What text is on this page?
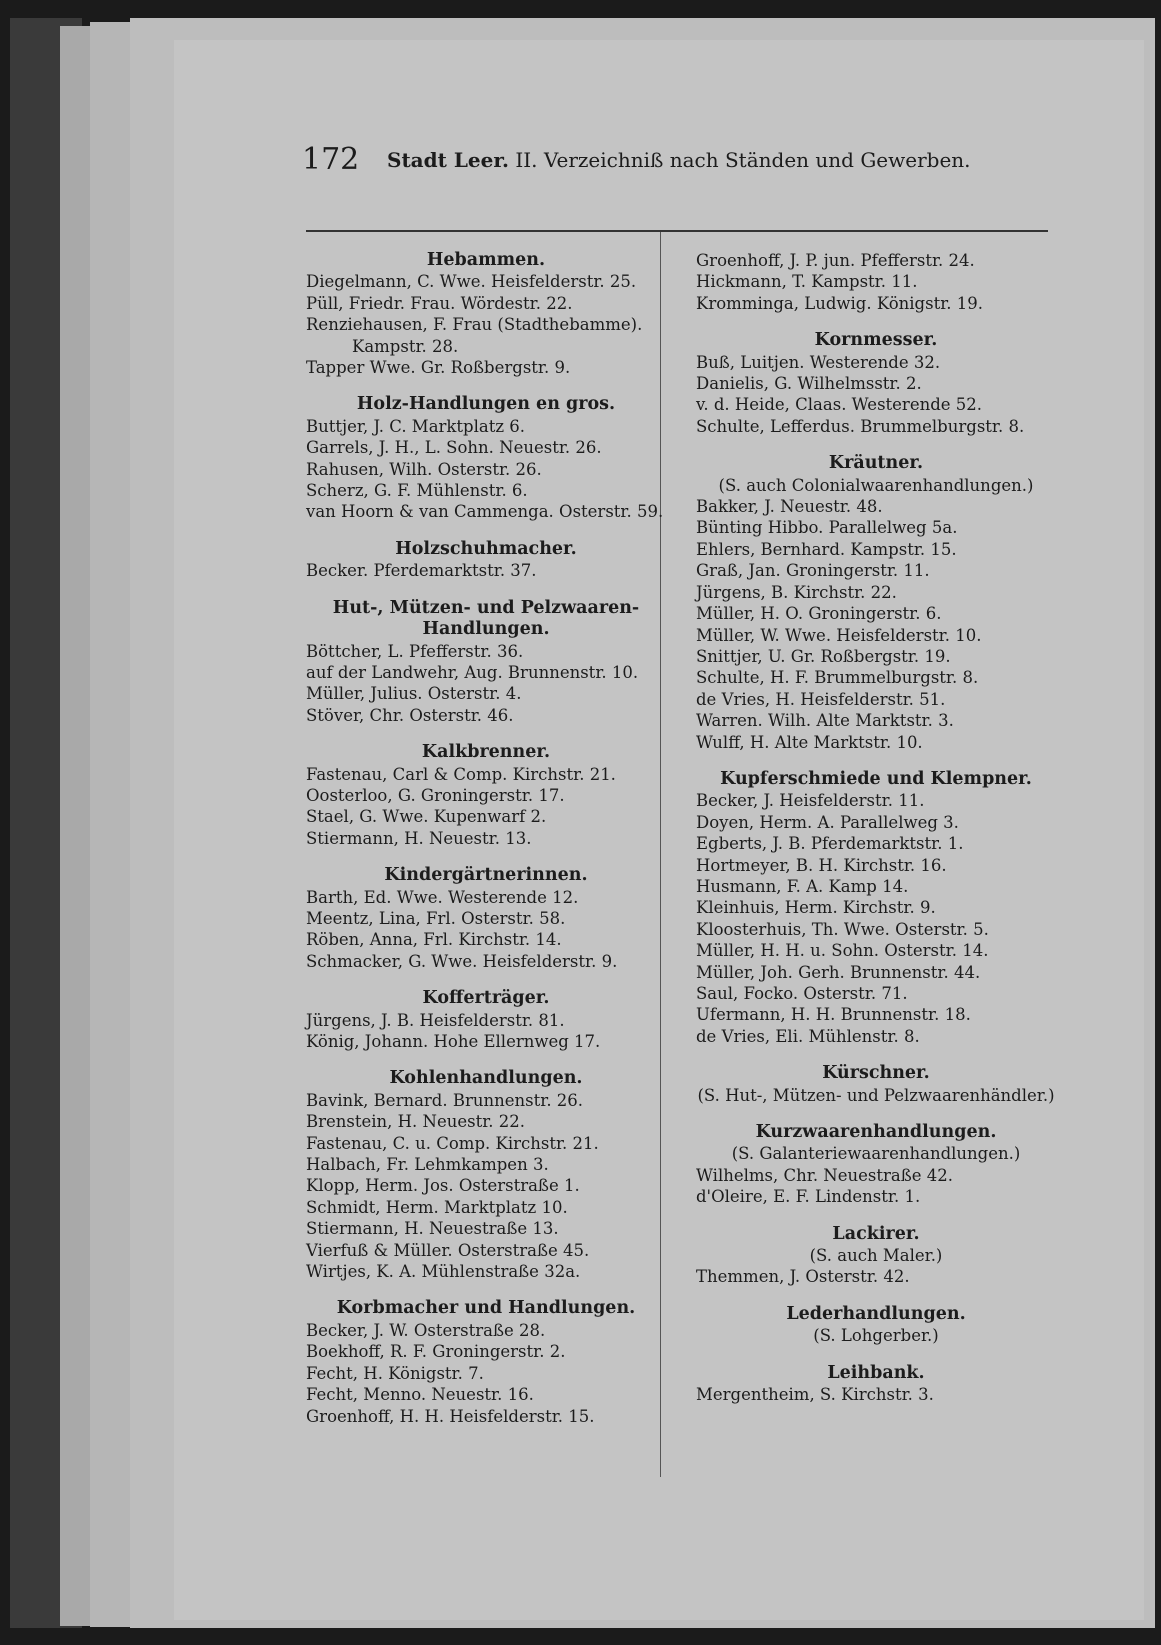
172 Stadt Leer. II. Verzeichniß nach Ständen und Gewerben.
Hebammen.
Diegelmann, C. Wwe. Heisfelderstr. 25.
Püll, Friedr. Frau. Wördestr. 22.
Renziehausen, F. Frau (Stadthebamme).
Kampstr. 28.
Tapper Wwe. Gr. Roßbergstr. 9.
Holz-Handlungen en gros.
Buttjer, J. C. Marktplatz 6.
Garrels, J. H., L. Sohn. Neuestr. 26.
Rahusen, Wilh. Osterstr. 26.
Scherz, G. F. Mühlenstr. 6.
van Hoorn & van Cammenga. Osterstr. 59.
Holzschuhmacher.
Becker. Pferdemarktstr. 37.
Hut-, Mützen- und Pelzwaaren-
Handlungen.
Böttcher, L. Pfefferstr. 36.
auf der Landwehr, Aug. Brunnenstr. 10.
Müller, Julius. Osterstr. 4.
Stöver, Chr. Osterstr. 46.
Kalkbrenner.
Fastenau, Carl & Comp. Kirchstr. 21.
Oosterloo, G. Groningerstr. 17.
Stael, G. Wwe. Kupenwarf 2.
Stiermann, H. Neuestr. 13.
Kindergärtnerinnen.
Barth, Ed. Wwe. Westerende 12.
Meentz, Lina, Frl. Osterstr. 58.
Röben, Anna, Frl. Kirchstr. 14.
Schmacker, G. Wwe. Heisfelderstr. 9.
Kofferträger.
Jürgens, J. B. Heisfelderstr. 81.
König, Johann. Hohe Ellernweg 17.
Kohlenhandlungen.
Bavink, Bernard. Brunnenstr. 26.
Brenstein, H. Neuestr. 22.
Fastenau, C. u. Comp. Kirchstr. 21.
Halbach, Fr. Lehmkampen 3.
Klopp, Herm. Jos. Osterstraße 1.
Schmidt, Herm. Marktplatz 10.
Stiermann, H. Neuestraße 13.
Vierfuß & Müller. Osterstraße 45.
Wirtjes, K. A. Mühlenstraße 32a.
Korbmacher und Handlungen.
Becker, J. W. Osterstraße 28.
Boekhoff, R. F. Groningerstr. 2.
Fecht, H. Königstr. 7.
Fecht, Menno. Neuestr. 16.
Groenhoff, H. H. Heisfelderstr. 15.
Groenhoff, J. P. jun. Pfefferstr. 24.
Hickmann, T. Kampstr. 11.
Kromminga, Ludwig. Königstr. 19.
Kornmesser.
Buß, Luitjen. Westerende 32.
Danielis, G. Wilhelmsstr. 2.
v. d. Heide, Claas. Westerende 52.
Schulte, Lefferdus. Brummelburgstr. 8.
Kräutner.
(S. auch Colonialwaarenhandlungen.)
Bakker, J. Neuestr. 48.
Bünting Hibbo. Parallelweg 5a.
Ehlers, Bernhard. Kampstr. 15.
Graß, Jan. Groningerstr. 11.
Jürgens, B. Kirchstr. 22.
Müller, H. O. Groningerstr. 6.
Müller, W. Wwe. Heisfelderstr. 10.
Snittjer, U. Gr. Roßbergstr. 19.
Schulte, H. F. Brummelburgstr. 8.
de Vries, H. Heisfelderstr. 51.
Warren. Wilh. Alte Marktstr. 3.
Wulff, H. Alte Marktstr. 10.
Kupferschmiede und Klempner.
Becker, J. Heisfelderstr. 11.
Doyen, Herm. A. Parallelweg 3.
Egberts, J. B. Pferdemarktstr. 1.
Hortmeyer, B. H. Kirchstr. 16.
Husmann, F. A. Kamp 14.
Kleinhuis, Herm. Kirchstr. 9.
Kloosterhuis, Th. Wwe. Osterstr. 5.
Müller, H. H. u. Sohn. Osterstr. 14.
Müller, Joh. Gerh. Brunnenstr. 44.
Saul, Focko. Osterstr. 71.
Ufermann, H. H. Brunnenstr. 18.
de Vries, Eli. Mühlenstr. 8.
Kürschner.
(S. Hut-, Mützen- und Pelzwaarenhändler.)
Kurzwaarenhandlungen.
(S. Galanteriewaarenhandlungen.)
Wilhelms, Chr. Neuestraße 42.
d'Oleire, E. F. Lindenstr. 1.
Lackirer.
(S. auch Maler.)
Themmen, J. Osterstr. 42.
Lederhandlungen.
(S. Lohgerber.)
Leihbank.
Mergentheim, S. Kirchstr. 3.
